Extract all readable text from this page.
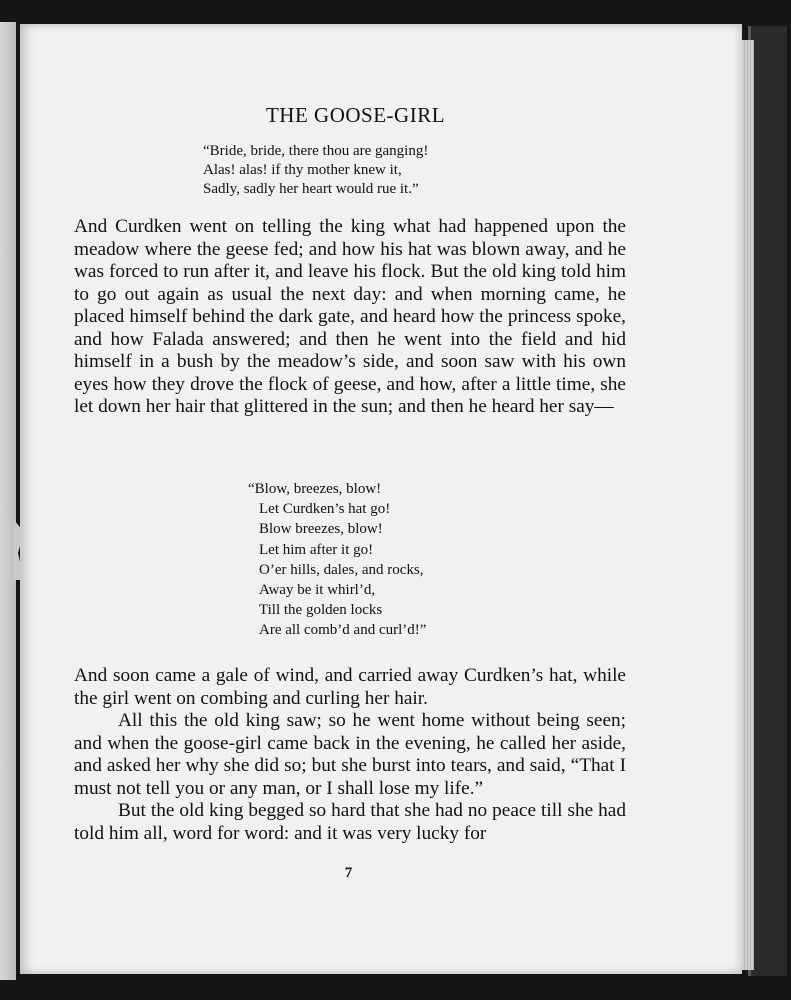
THE GOOSE-GIRL
“Bride, bride, there thou are ganging!
Alas! alas! if thy mother knew it,
Sadly, sadly her heart would rue it.”

And Curdken went on telling the king what had happened upon the meadow where the geese fed; and how his hat was blown away, and he was forced to run after it, and leave his flock. But the old king told him to go out again as usual the next day: and when morning came, he placed himself behind the dark gate, and heard how the princess spoke, and how Falada answered; and then he went into the field and hid himself in a bush by the meadow’s side, and soon saw with his own eyes how they drove the flock of geese, and how, after a little time, she let down her hair that glittered in the sun; and then he heard her say—

“Blow, breezes, blow!
Let Curdken’s hat go!
Blow breezes, blow!
Let him after it go!
O’er hills, dales, and rocks,
Away be it whirl’d,
Till the golden locks
Are all comb’d and curl’d!”

And soon came a gale of wind, and carried away Curdken’s hat, while the girl went on combing and curling her hair.

All this the old king saw; so he went home without being seen; and when the goose-girl came back in the evening, he called her aside, and asked her why she did so; but she burst into tears, and said, “That I must not tell you or any man, or I shall lose my life.”

But the old king begged so hard that she had no peace till she had told him all, word for word: and it was very lucky for

7
